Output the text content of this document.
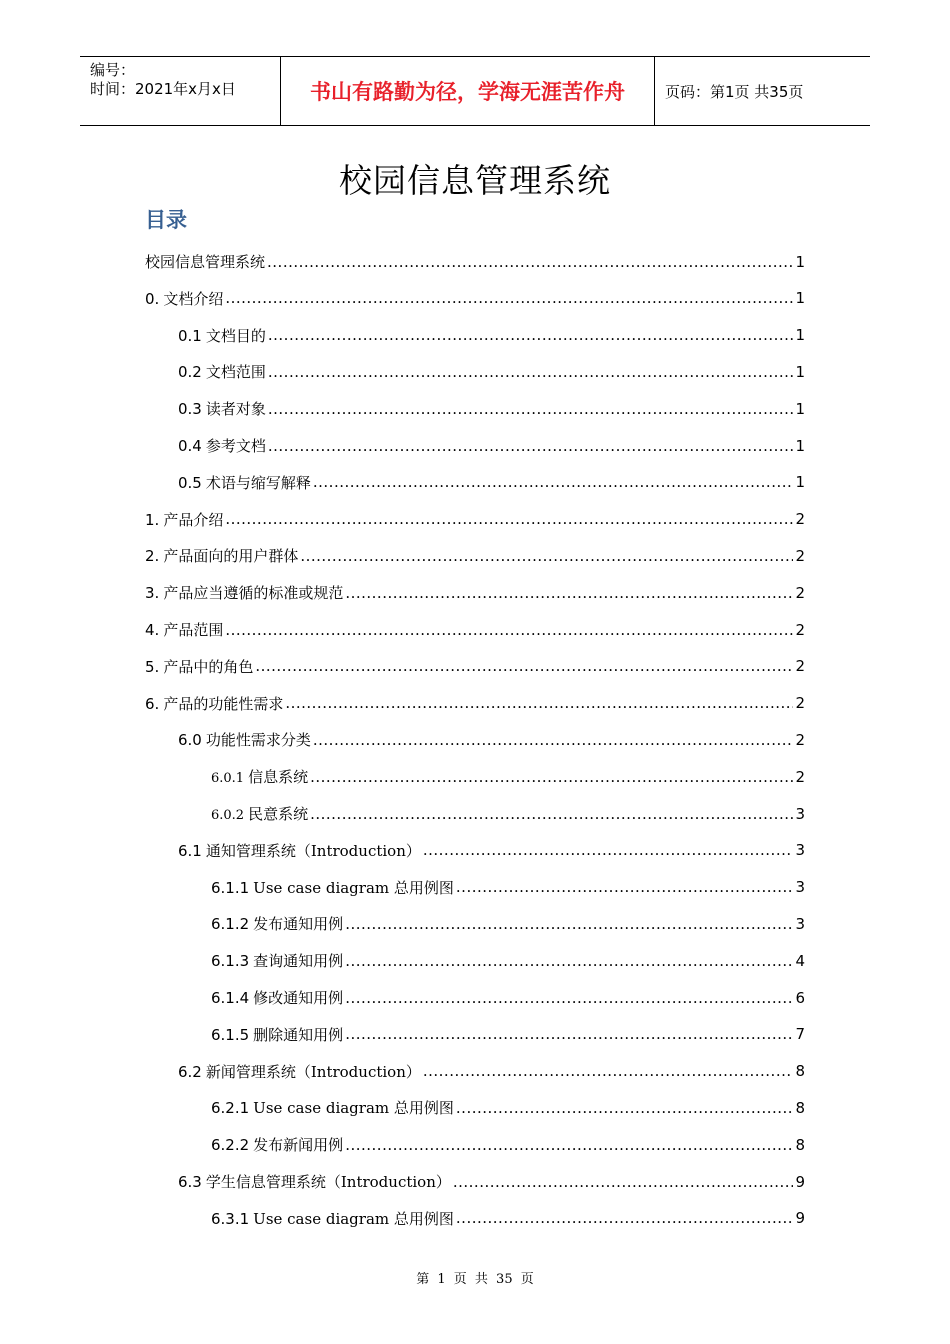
编号：
时间：2021年x月x日	书山有路勤为径，学海无涯苦作舟	页码：第1页 共35页
校园信息管理系统
目录
校园信息管理系统 .....	1
0. 文档介绍 .....	1
0.1 文档目的 .....	1
0.2 文档范围 .....	1
0.3 读者对象 .....	1
0.4 参考文档 .....	1
0.5 术语与缩写解释 .....	1
1. 产品介绍 .....	2
2. 产品面向的用户群体 .....	2
3. 产品应当遵循的标准或规范 .....	2
4. 产品范围 .....	2
5. 产品中的角色 .....	2
6. 产品的功能性需求 .....	2
6.0 功能性需求分类 .....	2
6.0.1 信息系统 .....	2
6.0.2 民意系统 .....	3
6.1 通知管理系统（Introduction） .....	3
6.1.1 Use case diagram 总用例图 .....	3
6.1.2 发布通知用例 .....	3
6.1.3 查询通知用例 .....	4
6.1.4 修改通知用例 .....	6
6.1.5 删除通知用例 .....	7
6.2 新闻管理系统（Introduction） .....	8
6.2.1 Use case diagram 总用例图 .....	8
6.2.2 发布新闻用例 .....	8
6.3 学生信息管理系统（Introduction） .....	9
6.3.1 Use case diagram 总用例图 .....	9
第 1 页 共 35 页
